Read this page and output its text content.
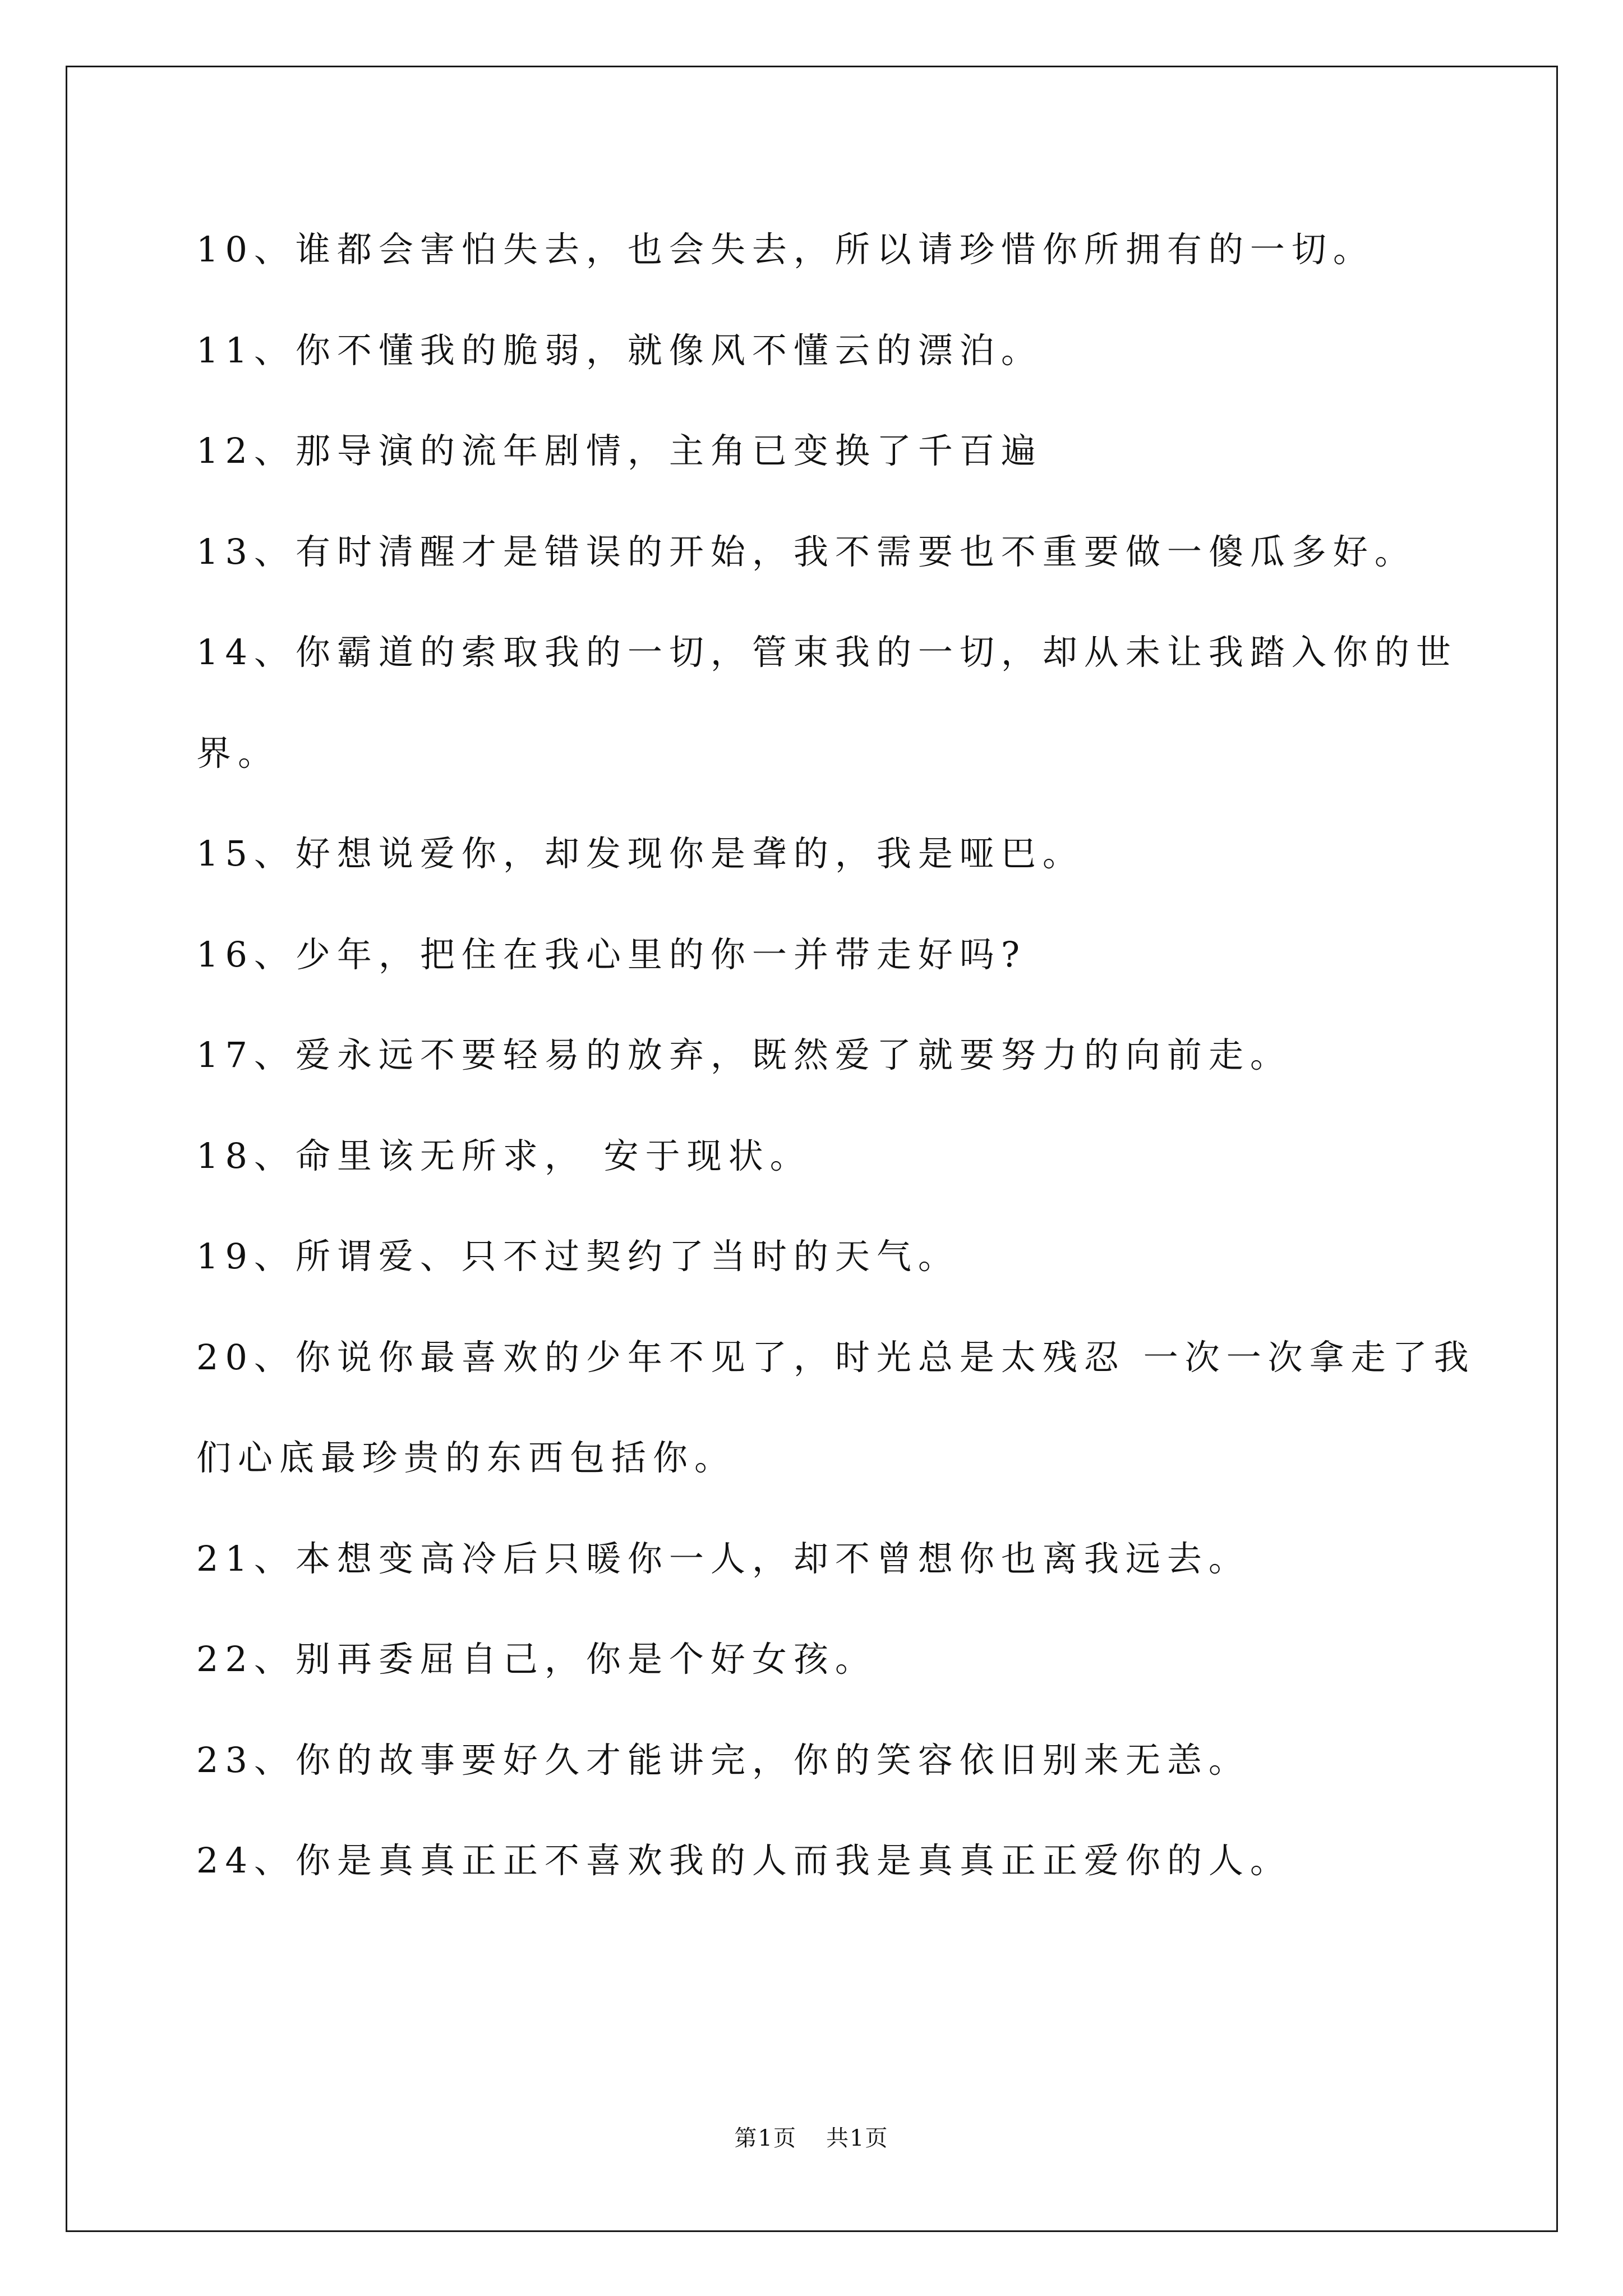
10、谁都会害怕失去，也会失去，所以请珍惜你所拥有的一切。
11、你不懂我的脆弱，就像风不懂云的漂泊。
12、那导演的流年剧情，主角已变换了千百遍
13、有时清醒才是错误的开始，我不需要也不重要做一傻瓜多好。
14、你霸道的索取我的一切，管束我的一切，却从未让我踏入你的世
界。
15、好想说爱你，却发现你是聋的，我是哑巴。
16、少年，把住在我心里的你一并带走好吗?
17、爱永远不要轻易的放弃，既然爱了就要努力的向前走。
18、命里该无所求， 安于现状。
19、所谓爱、只不过契约了当时的天气。
20、你说你最喜欢的少年不见了，时光总是太残忍 一次一次拿走了我
们心底最珍贵的东西包括你。
21、本想变高冷后只暖你一人，却不曾想你也离我远去。
22、别再委屈自己，你是个好女孩。
23、你的故事要好久才能讲完，你的笑容依旧别来无恙。
24、你是真真正正不喜欢我的人而我是真真正正爱你的人。
第1页 共1页
